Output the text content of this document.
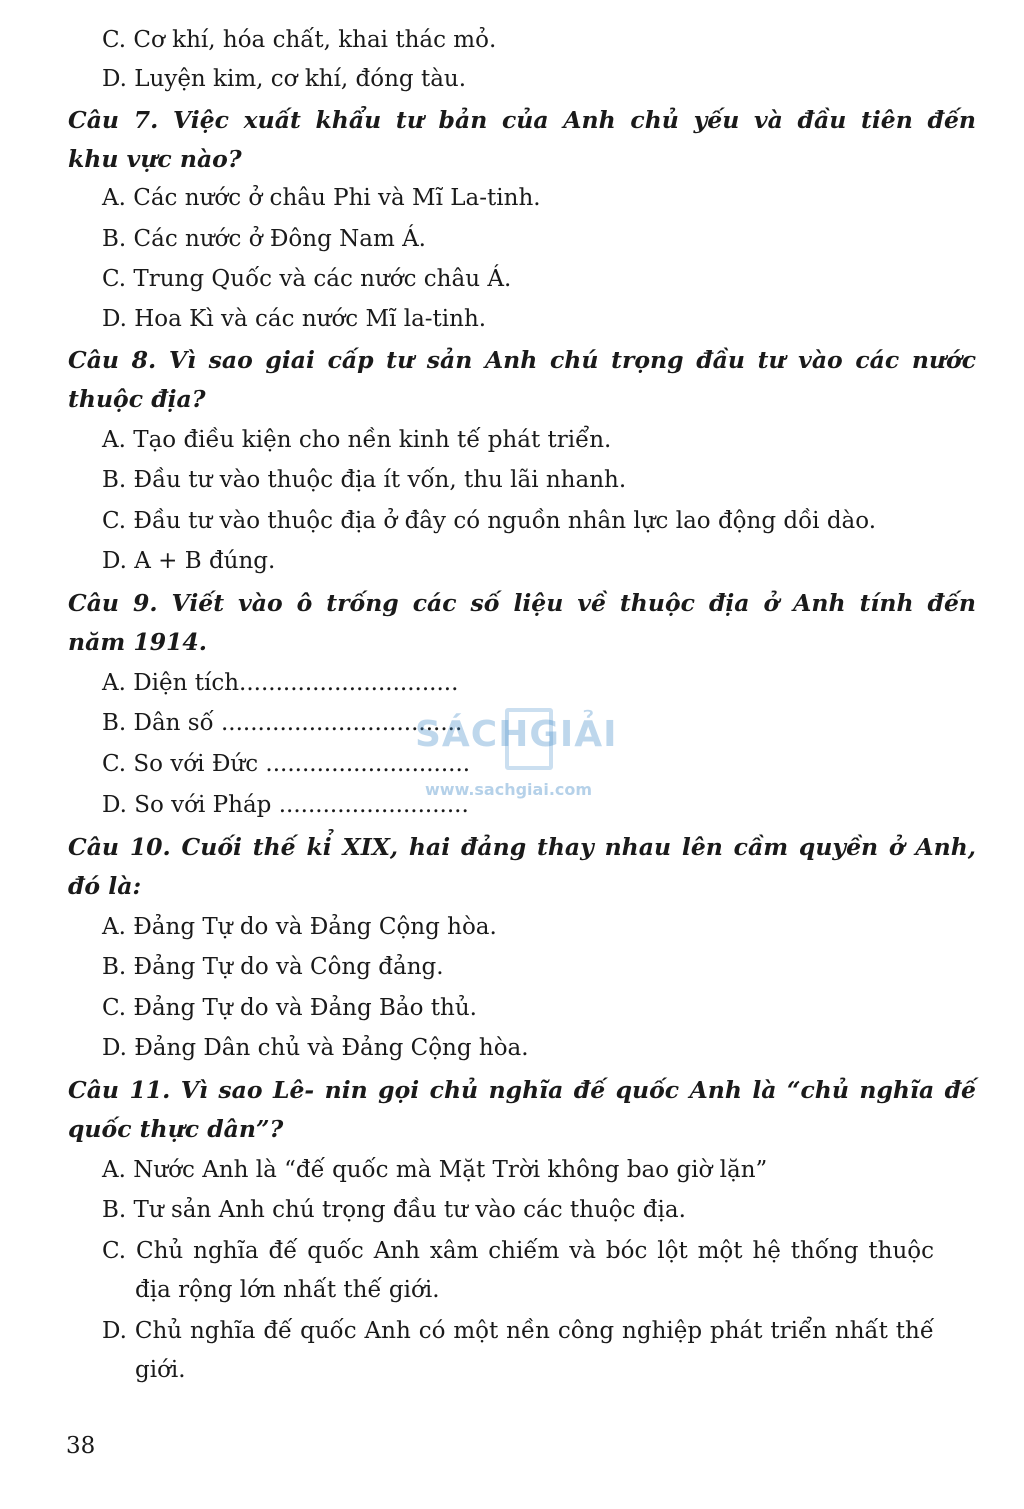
C. Cơ khí, hóa chất, khai thác mỏ.
D. Luyện kim, cơ khí, đóng tàu.
Câu 7. Việc xuất khẩu tư bản của Anh chủ yếu và đầu tiên đến
khu vực nào?
A. Các nước ở châu Phi và Mĩ La-tinh.
B. Các nước ở Đông Nam Á.
C. Trung Quốc và các nước châu Á.
D. Hoa Kì và các nước Mĩ la-tinh.
Câu 8. Vì sao giai cấp tư sản Anh chú trọng đầu tư vào các nước
thuộc địa?
A. Tạo điều kiện cho nền kinh tế phát triển.
B. Đầu tư vào thuộc địa ít vốn, thu lãi nhanh.
C. Đầu tư vào thuộc địa ở đây có nguồn nhân lực lao động dồi dào.
D. A + B đúng.
Câu 9. Viết vào ô trống các số liệu về thuộc địa ở Anh tính đến
năm 1914.
A. Diện tích..............................
B. Dân số .................................
C. So với Đức ............................
D. So với Pháp ..........................
Câu 10. Cuối thế kỉ XIX, hai đảng thay nhau lên cầm quyền ở Anh,
đó là:
A. Đảng Tự do và Đảng Cộng hòa.
B. Đảng Tự do và Công đảng.
C. Đảng Tự do và Đảng Bảo thủ.
D. Đảng Dân chủ và Đảng Cộng hòa.
Câu 11. Vì sao Lê- nin gọi chủ nghĩa đế quốc Anh là “chủ nghĩa đế
quốc thực dân”?
A. Nước Anh là “đế quốc mà Mặt Trời không bao giờ lặn”
B. Tư sản Anh chú trọng đầu tư vào các thuộc địa.
C. Chủ nghĩa đế quốc Anh xâm chiếm và bóc lột một hệ thống thuộc
địa rộng lớn nhất thế giới.
D. Chủ nghĩa đế quốc Anh có một nền công nghiệp phát triển nhất thế
giới.
38
SÁCHGIẢI
www.sachgiai.com
